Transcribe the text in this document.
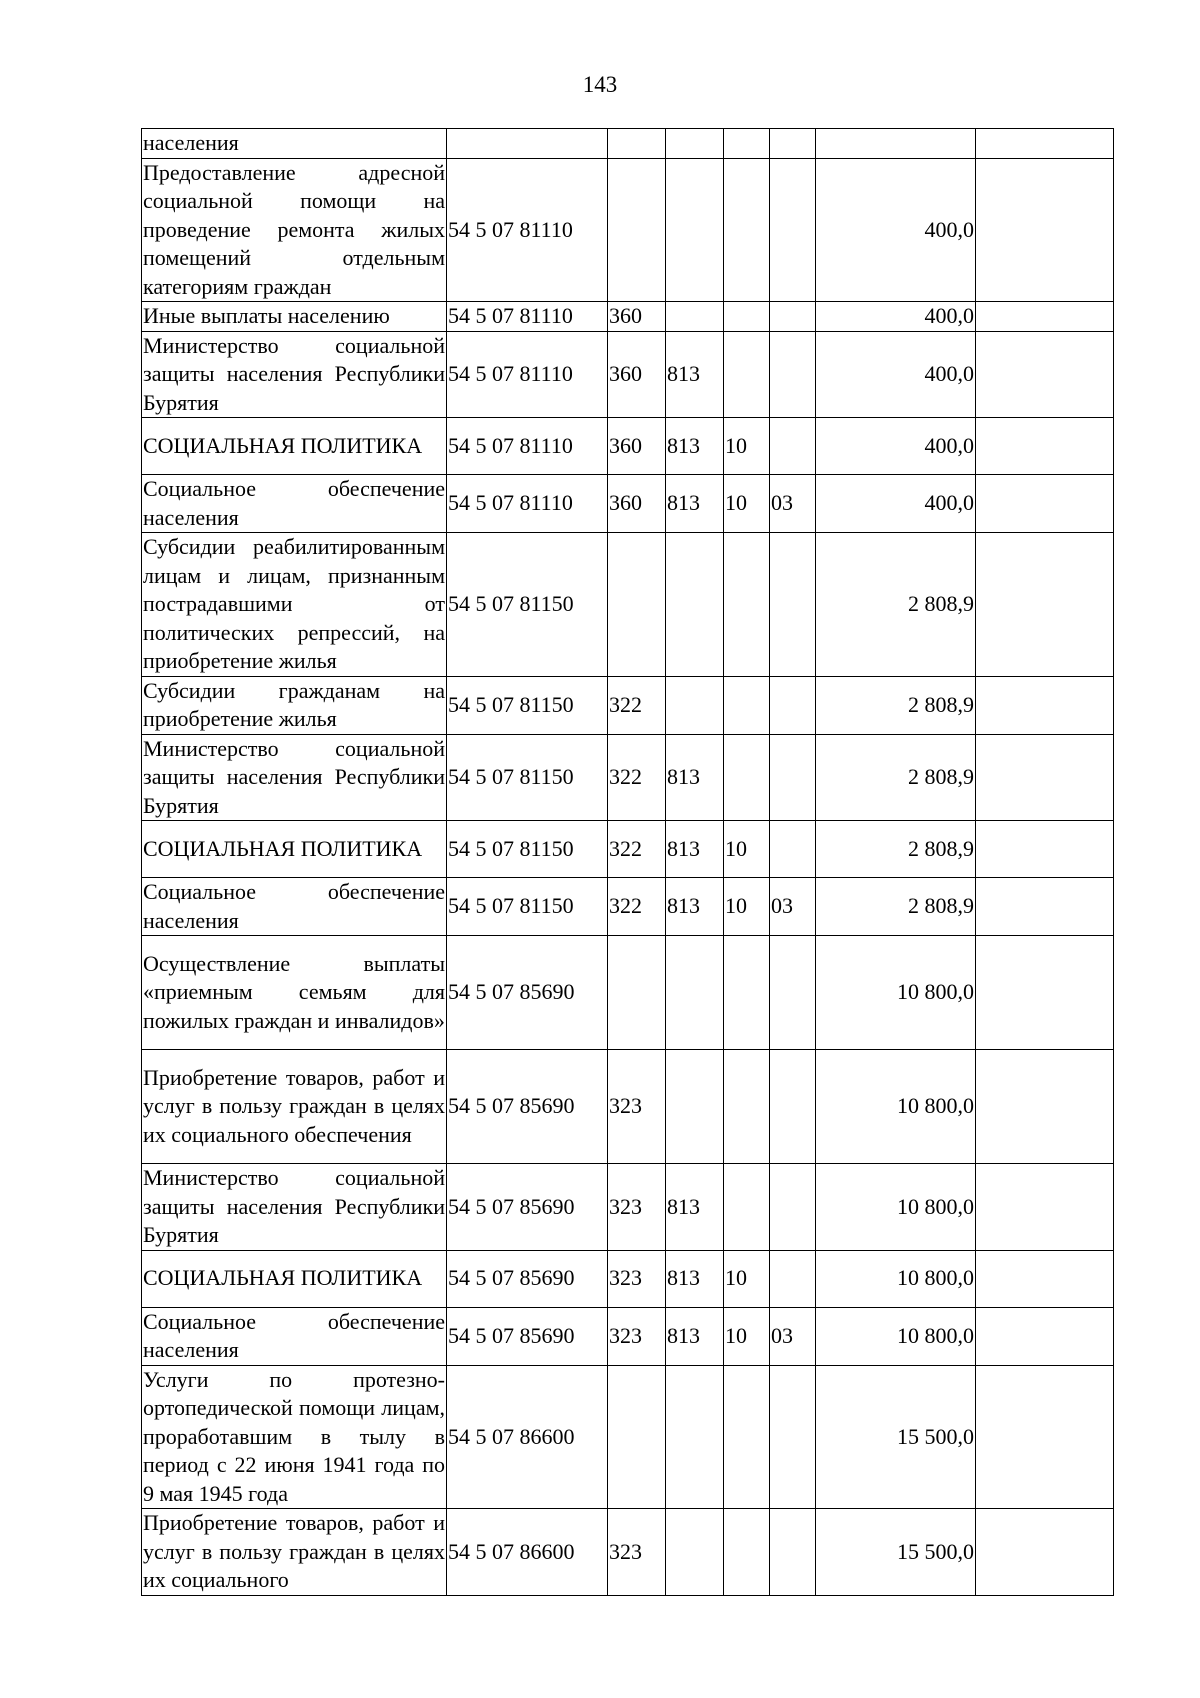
143
населения							
Предоставление адресной социальной помощи на проведение ремонта жилых помещений отдельным категориям граждан	54 5 07 81110					400,0	
Иные выплаты населению	54 5 07 81110	360				400,0	
Министерство социальной защиты населения Республики Бурятия	54 5 07 81110	360	813			400,0	
СОЦИАЛЬНАЯ ПОЛИТИКА	54 5 07 81110	360	813	10		400,0	
Социальное обеспечение населения	54 5 07 81110	360	813	10	03	400,0	
Субсидии реабилитированным лицам и лицам, признанным пострадавшими от политических репрессий, на приобретение жилья	54 5 07 81150					2 808,9	
Субсидии гражданам на приобретение жилья	54 5 07 81150	322				2 808,9	
Министерство социальной защиты населения Республики Бурятия	54 5 07 81150	322	813			2 808,9	
СОЦИАЛЬНАЯ ПОЛИТИКА	54 5 07 81150	322	813	10		2 808,9	
Социальное обеспечение населения	54 5 07 81150	322	813	10	03	2 808,9	
Осуществление выплаты «приемным семьям для пожилых граждан и инвалидов»	54 5 07 85690					10 800,0	
Приобретение товаров, работ и услуг в пользу граждан в целях их социального обеспечения	54 5 07 85690	323				10 800,0	
Министерство социальной защиты населения Республики Бурятия	54 5 07 85690	323	813			10 800,0	
СОЦИАЛЬНАЯ ПОЛИТИКА	54 5 07 85690	323	813	10		10 800,0	
Социальное обеспечение населения	54 5 07 85690	323	813	10	03	10 800,0	
Услуги по протезно-ортопедической помощи лицам, проработавшим в тылу в период с 22 июня 1941 года по 9 мая 1945 года	54 5 07 86600					15 500,0	
Приобретение товаров, работ и услуг в пользу граждан в целях их социального	54 5 07 86600	323				15 500,0	
